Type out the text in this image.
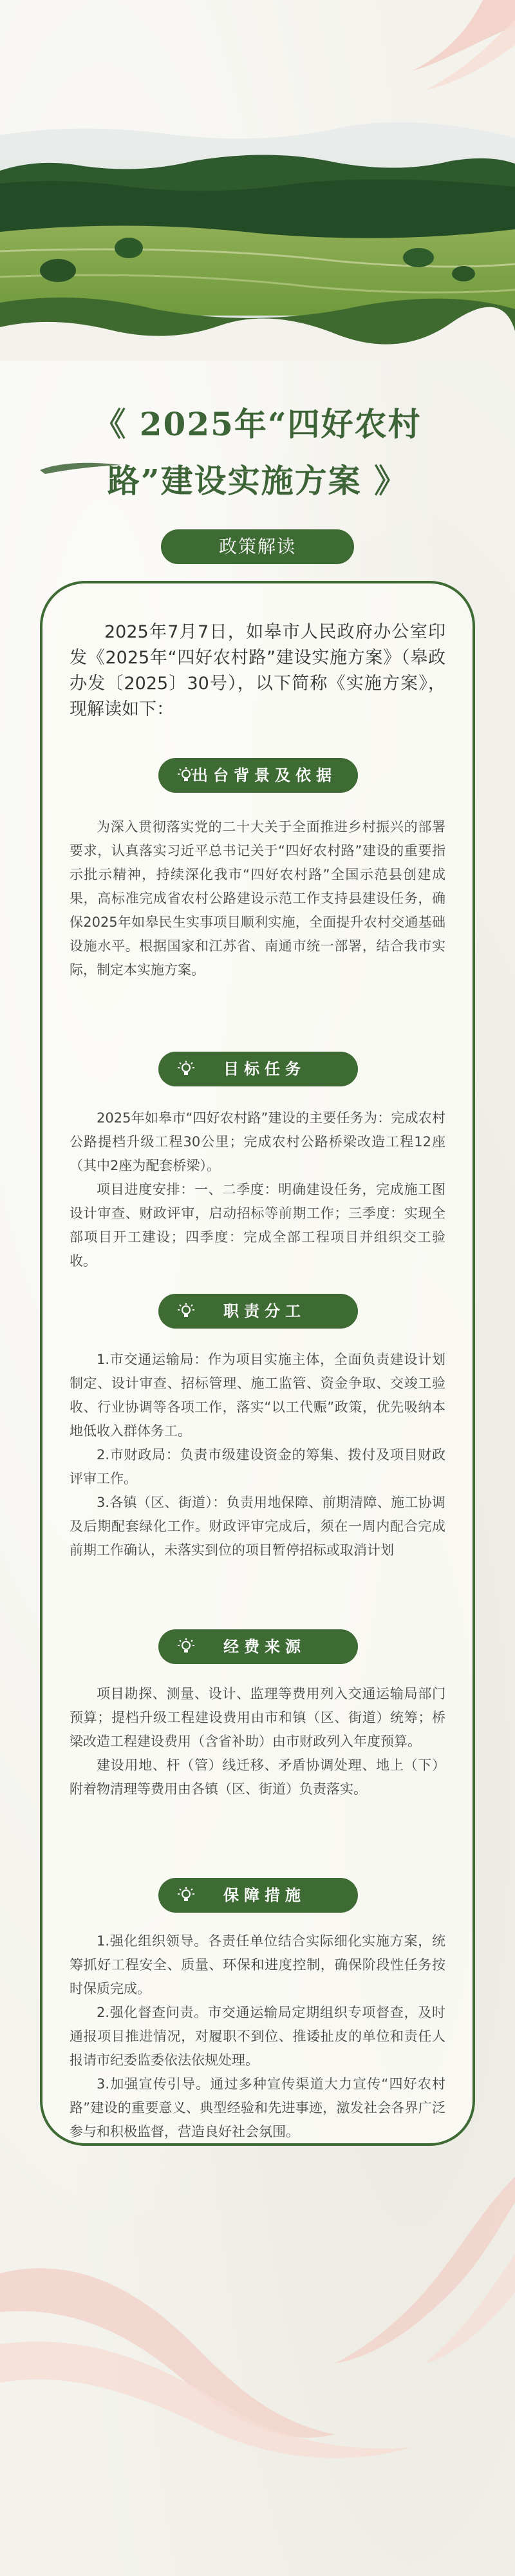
《 2025年“四好农村
路”建设实施方案 》
政策解读

2025年7月7日，如皋市人民政府办公室印发《2025年“四好农村路”建设实施方案》（皋政办发〔2025〕30号），以下简称《实施方案》，现解读如下：

出台背景及依据

为深入贯彻落实党的二十大关于全面推进乡村振兴的部署要求，认真落实习近平总书记关于“四好农村路”建设的重要指示批示精神，持续深化我市“四好农村路”全国示范县创建成果，高标准完成省农村公路建设示范工作支持县建设任务，确保2025年如皋民生实事项目顺利实施，全面提升农村交通基础设施水平。根据国家和江苏省、南通市统一部署，结合我市实际，制定本实施方案。

目标任务

2025年如皋市“四好农村路”建设的主要任务为：完成农村公路提档升级工程30公里；完成农村公路桥梁改造工程12座（其中2座为配套桥梁）。

项目进度安排：一、二季度：明确建设任务，完成施工图设计审查、财政评审，启动招标等前期工作；三季度：实现全部项目开工建设；四季度：完成全部工程项目并组织交工验收。

职责分工

1.市交通运输局：作为项目实施主体，全面负责建设计划制定、设计审查、招标管理、施工监管、资金争取、交竣工验收、行业协调等各项工作，落实“以工代赈”政策，优先吸纳本地低收入群体务工。

2.市财政局：负责市级建设资金的筹集、拨付及项目财政评审工作。

3.各镇（区、街道）：负责用地保障、前期清障、施工协调及后期配套绿化工作。财政评审完成后，须在一周内配合完成前期工作确认，未落实到位的项目暂停招标或取消计划

经费来源

项目勘探、测量、设计、监理等费用列入交通运输局部门预算；提档升级工程建设费用由市和镇（区、街道）统筹；桥梁改造工程建设费用（含省补助）由市财政列入年度预算。

建设用地、杆（管）线迁移、矛盾协调处理、地上（下）附着物清理等费用由各镇（区、街道）负责落实。

保障措施

1.强化组织领导。各责任单位结合实际细化实施方案，统筹抓好工程安全、质量、环保和进度控制，确保阶段性任务按时保质完成。

2.强化督查问责。市交通运输局定期组织专项督查，及时通报项目推进情况，对履职不到位、推诿扯皮的单位和责任人报请市纪委监委依法依规处理。

3.加强宣传引导。通过多种宣传渠道大力宣传“四好农村路”建设的重要意义、典型经验和先进事迹，激发社会各界广泛参与和积极监督，营造良好社会氛围。
